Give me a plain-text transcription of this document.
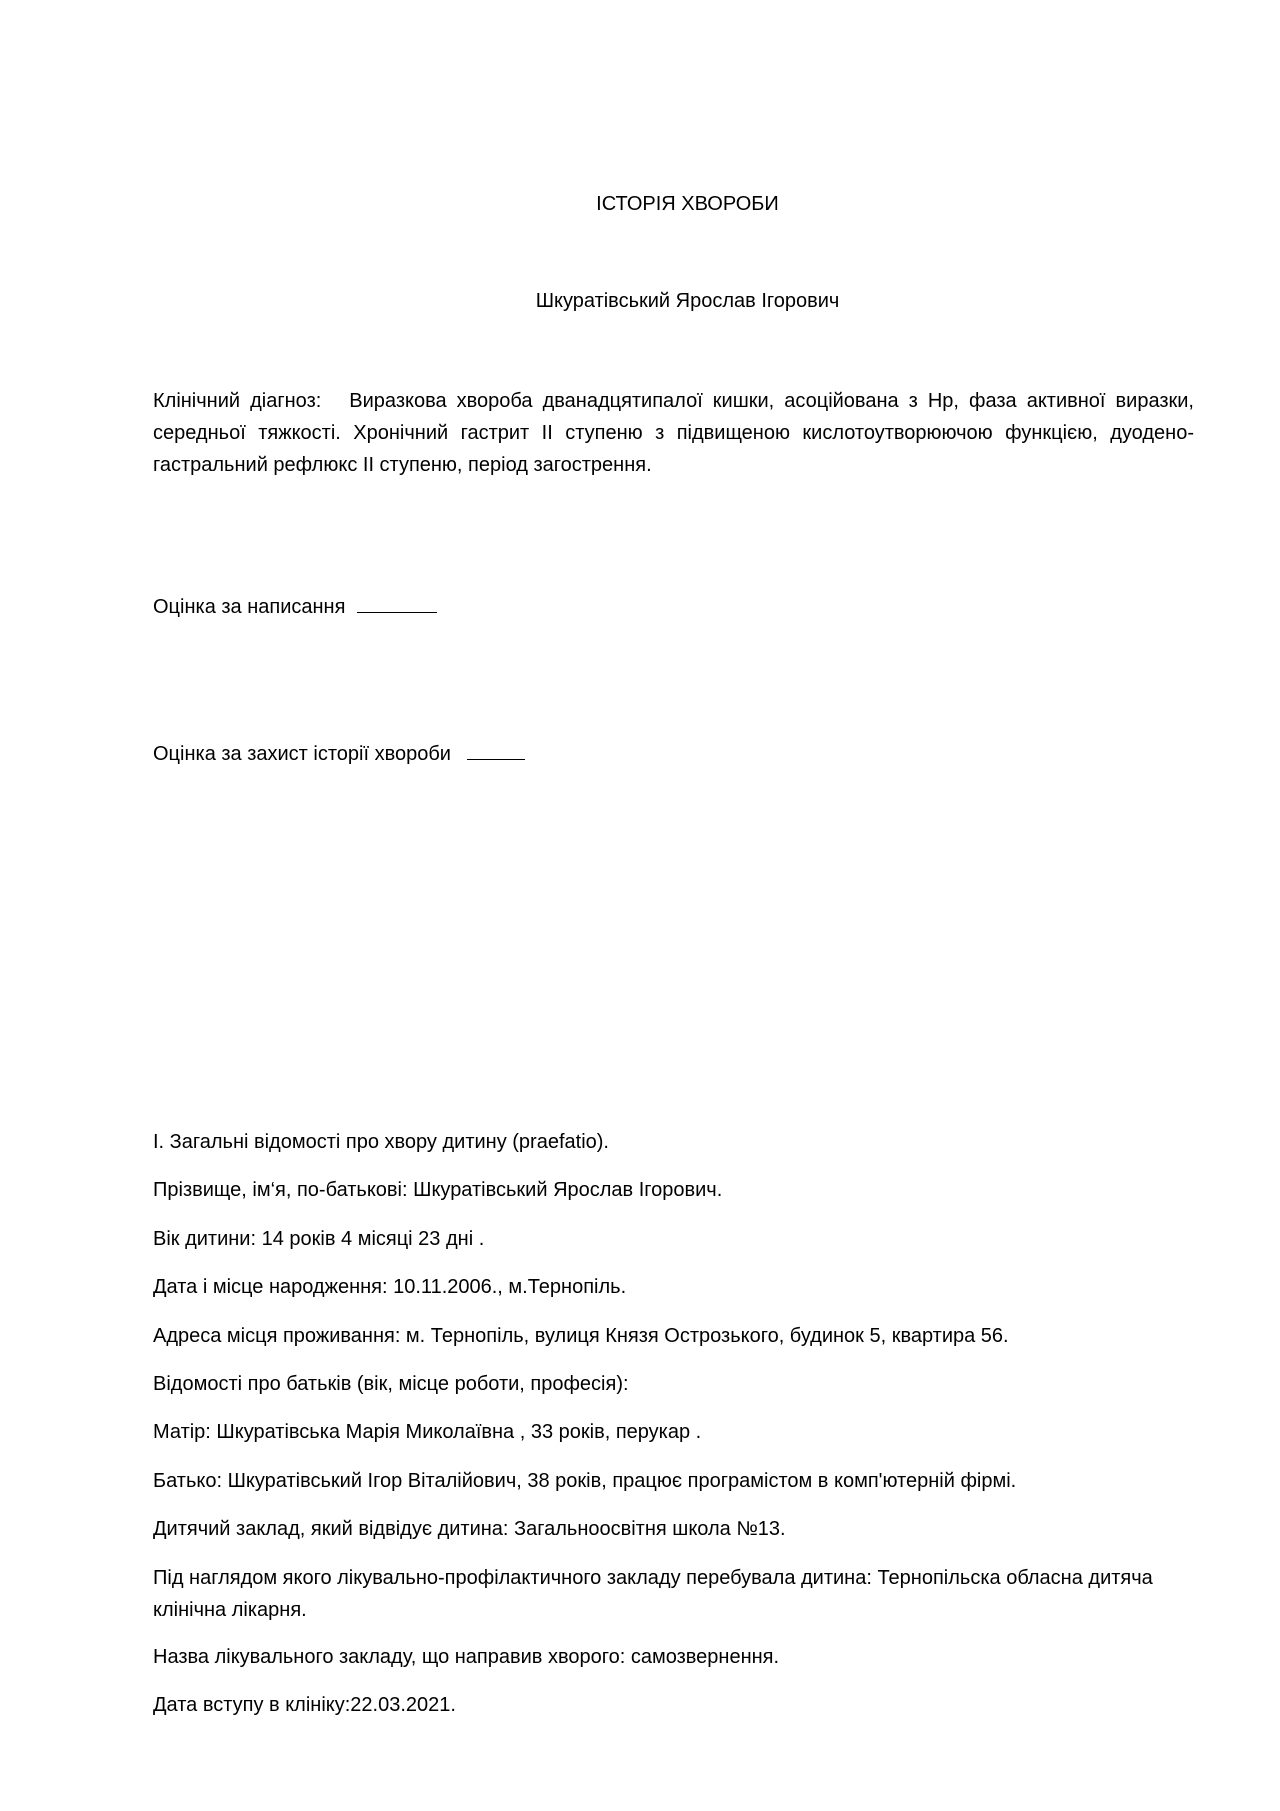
ІСТОРІЯ ХВОРОБИ
Шкуратівський Ярослав Ігорович
Клінічний діагноз: Виразкова хвороба дванадцятипалої кишки, асоційована з Нр, фаза активної виразки, середньої тяжкості. Хронічний гастрит ІІ ступеню з підвищеною кислотоутворюючою функцією, дуодено-гастральний рефлюкс ІІ ступеню, період загострення.
Оцінка за написання
Оцінка за захист історії хвороби
І. Загальні відомості про хвору дитину (praefatio).
Прізвище, ім‘я, по-батькові: Шкуратівський Ярослав Ігорович.
Вік дитини: 14 років 4 місяці 23 дні .
Дата і місце народження: 10.11.2006., м.Тернопіль.
Адреса місця проживання: м. Тернопіль, вулиця Князя Острозького, будинок 5, квартира 56.
Відомості про батьків (вік, місце роботи, професія):
Матір: Шкуратівська Марія Миколаївна , 33 років, перукар .
Батько: Шкуратівський Ігор Віталійович, 38 років, працює програмістом в комп'ютерній фірмі.
Дитячий заклад, який відвідує дитина: Загальноосвітня школа №13.
Під наглядом якого лікувально-профілактичного закладу перебувала дитина: Тернопільска обласна дитяча клінічна лікарня.
Назва лікувального закладу, що направив хворого: самозвернення.
Дата вступу в клініку:22.03.2021.
